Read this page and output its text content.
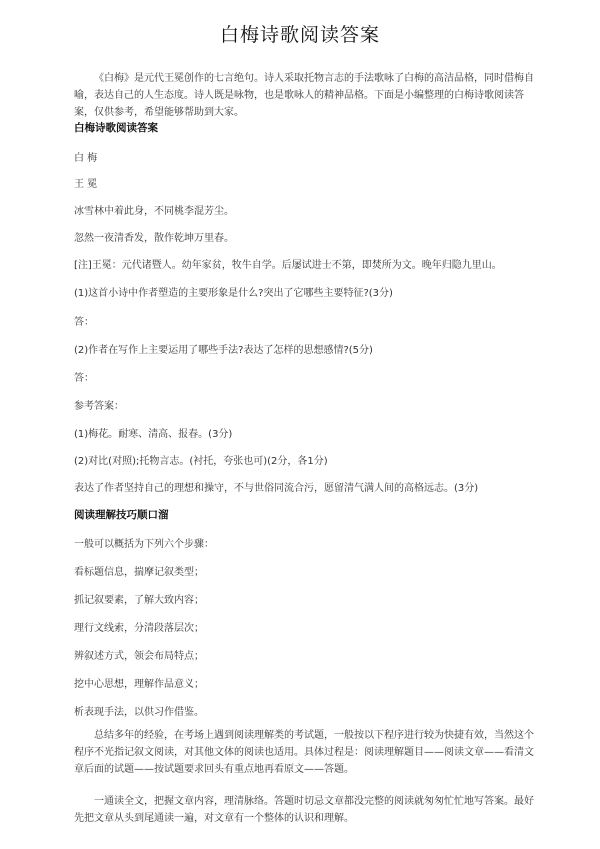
白梅诗歌阅读答案
《白梅》是元代王冕创作的七言绝句。诗人采取托物言志的手法歌咏了白梅的高洁品格，同时借梅自喻，表达自己的人生态度。诗人既是咏物，也是歌咏人的精神品格。下面是小编整理的白梅诗歌阅读答案，仅供参考，希望能够帮助到大家。
白梅诗歌阅读答案
白 梅
王 冕
冰雪林中着此身，不同桃李混芳尘。
忽然一夜清香发，散作乾坤万里春。
[注]王冕：元代诸暨人。幼年家贫，牧牛自学。后屡试进士不第，即焚所为文。晚年归隐九里山。
(1)这首小诗中作者塑造的主要形象是什么?突出了它哪些主要特征?(3分)
答：
(2)作者在写作上主要运用了哪些手法?表达了怎样的思想感情?(5分)
答：
参考答案：
(1)梅花。耐寒、清高、报春。(3分)
(2)对比(对照);托物言志。(衬托，夸张也可)(2分，各1分)
表达了作者坚持自己的理想和操守，不与世俗同流合污，愿留清气满人间的高格远志。(3分)
阅读理解技巧顺口溜
一般可以概括为下列六个步骤：
看标题信息，揣摩记叙类型；
抓记叙要素，了解大致内容；
理行文线索，分清段落层次；
辨叙述方式，领会布局特点；
挖中心思想，理解作品意义；
析表现手法，以供习作借鉴。
总结多年的经验，在考场上遇到阅读理解类的考试题，一般按以下程序进行较为快捷有效，当然这个程序不光指记叙文阅读，对其他文体的阅读也适用。具体过程是：阅读理解题目——阅读文章——看清文章后面的试题——按试题要求回头有重点地再看原文——答题。
一通读全文，把握文章内容，理清脉络。答题时切忌文章都没完整的阅读就匆匆忙忙地写答案。最好先把文章从头到尾通读一遍，对文章有一个整体的认识和理解。
